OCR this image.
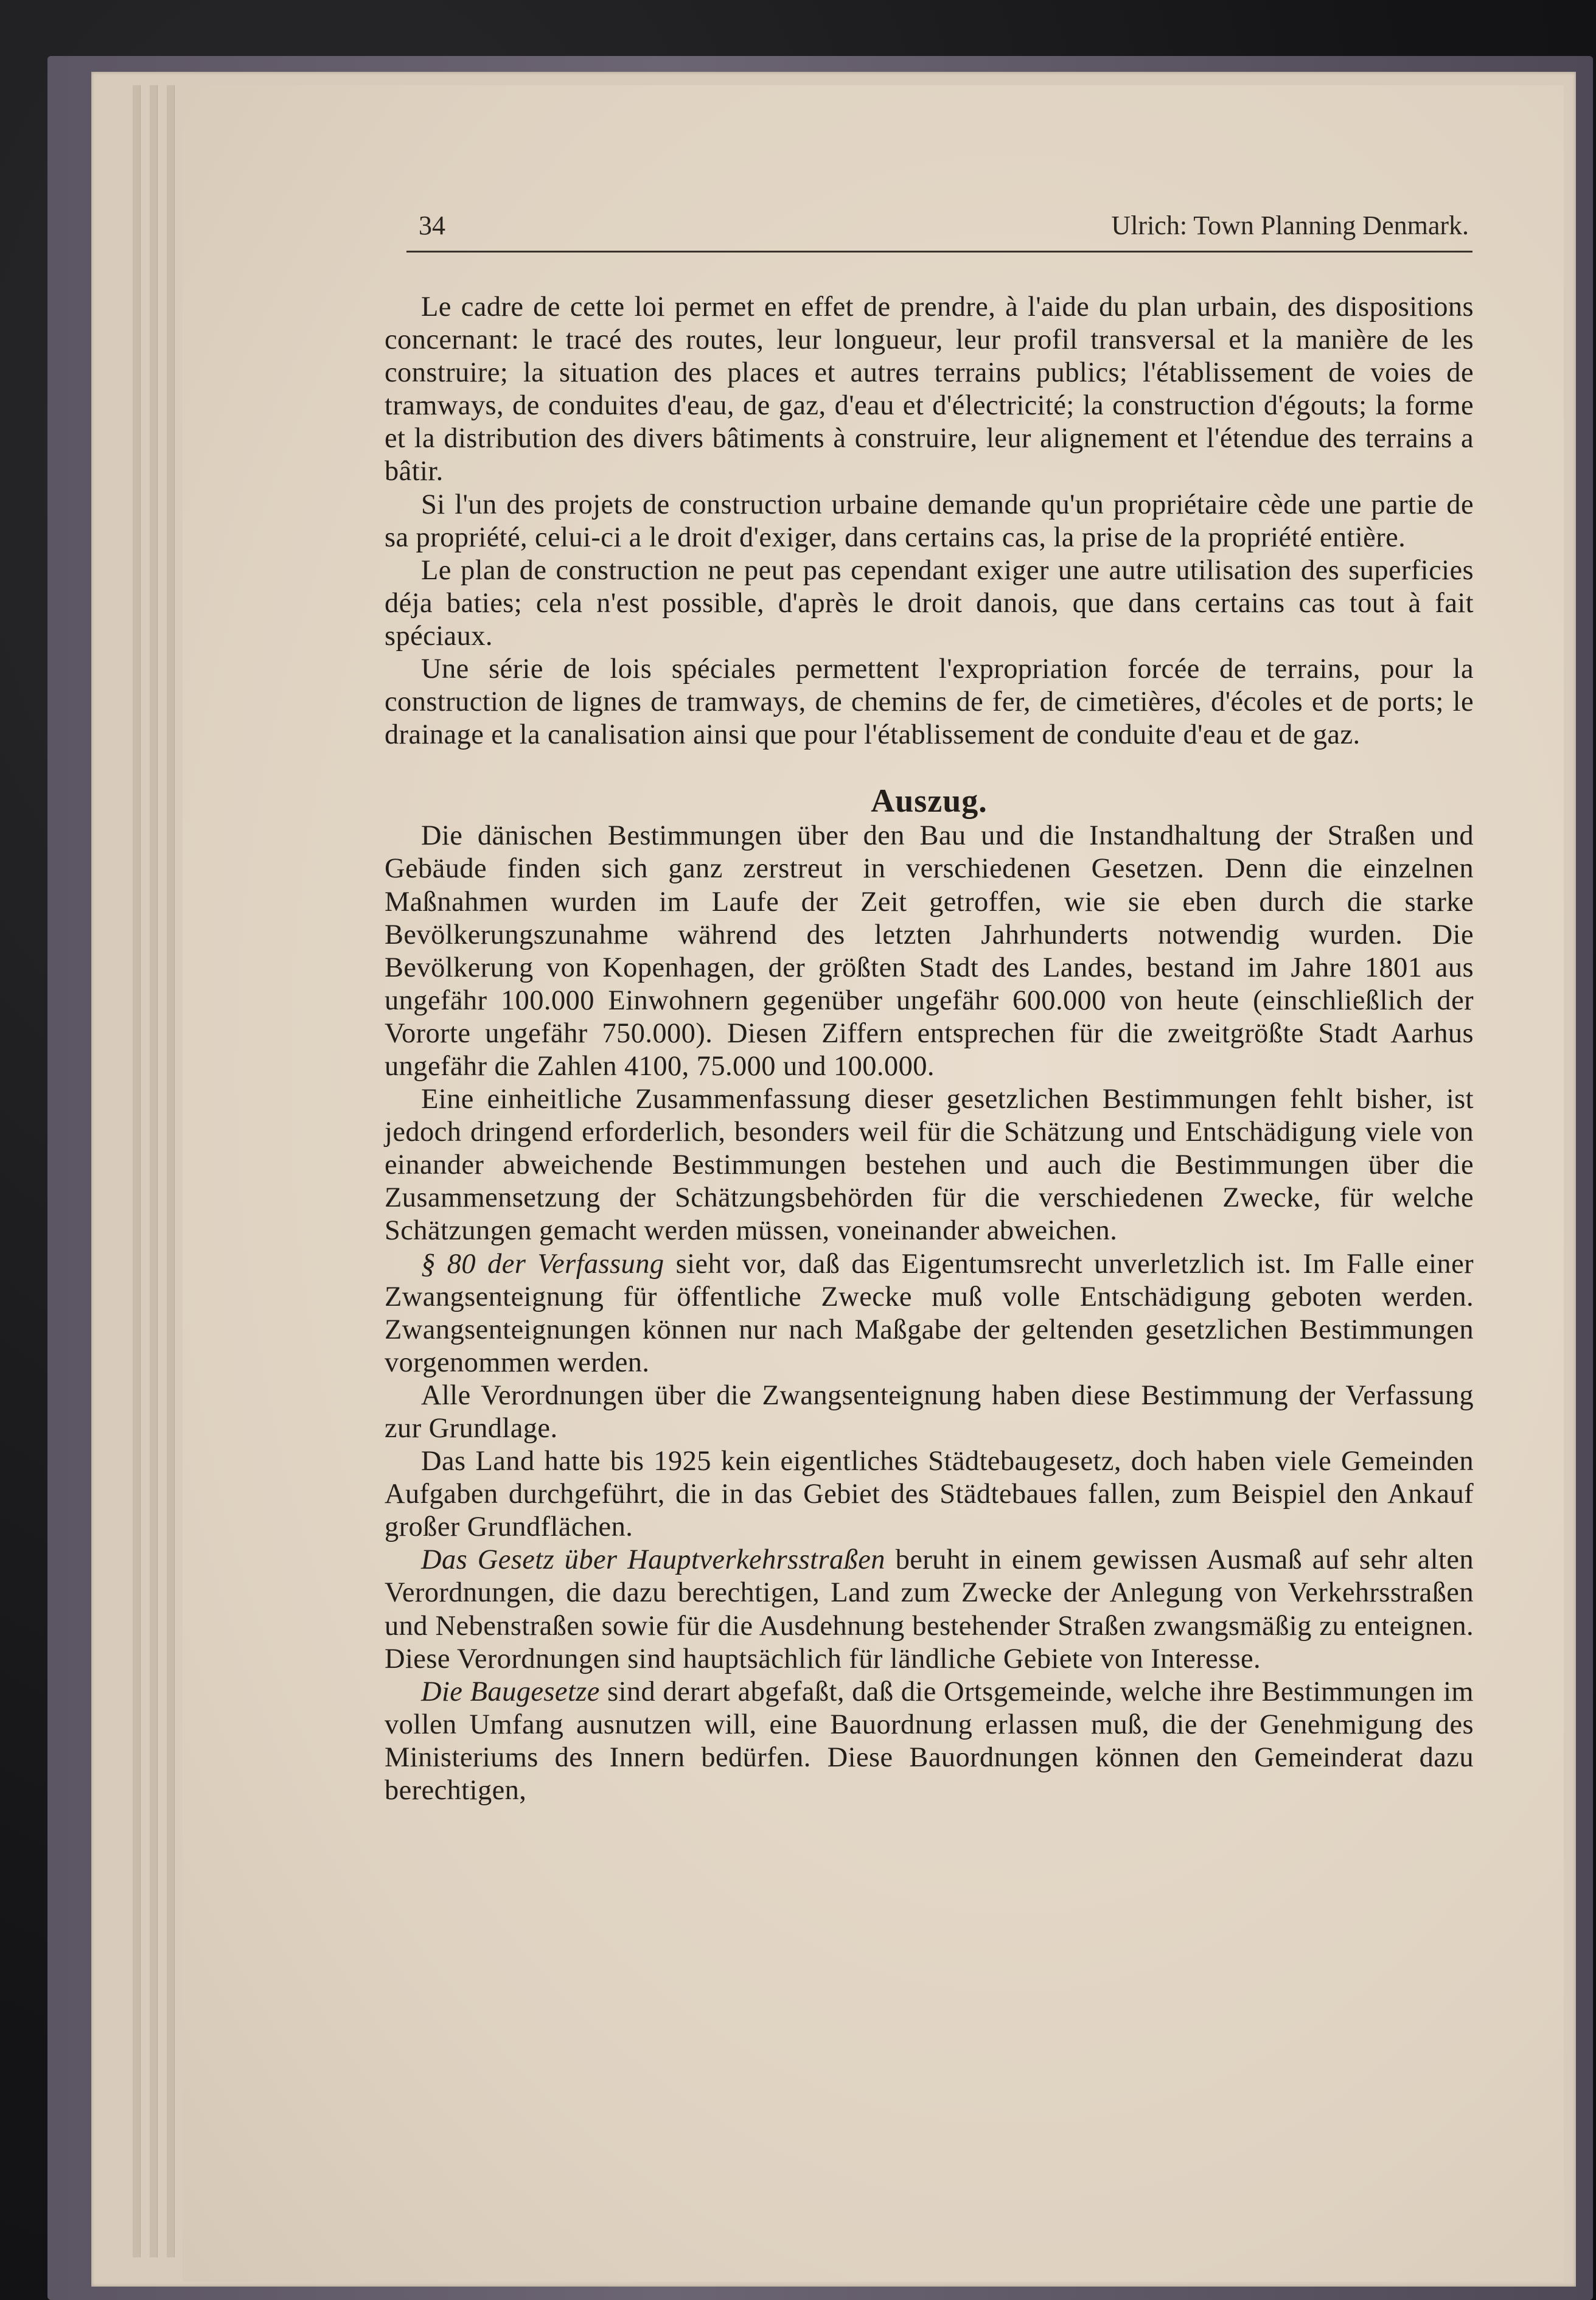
34	Ulrich: Town Planning Denmark.

Le cadre de cette loi permet en effet de prendre, à l'aide du plan urbain, des dispositions concernant: le tracé des routes, leur longueur, leur profil transversal et la manière de les construire; la situation des places et autres terrains publics; l'établissement de voies de tramways, de conduites d'eau, de gaz, d'eau et d'électricité; la construction d'égouts; la forme et la distribution des divers bâtiments à construire, leur alignement et l'étendue des terrains a bâtir.

Si l'un des projets de construction urbaine demande qu'un propriétaire cède une partie de sa propriété, celui-ci a le droit d'exiger, dans certains cas, la prise de la propriété entière.

Le plan de construction ne peut pas cependant exiger une autre utilisation des superficies déja baties; cela n'est possible, d'après le droit danois, que dans certains cas tout à fait spéciaux.

Une série de lois spéciales permettent l'expropriation forcée de terrains, pour la construction de lignes de tramways, de chemins de fer, de cimetières, d'écoles et de ports; le drainage et la canalisation ainsi que pour l'établissement de conduite d'eau et de gaz.

Auszug.

Die dänischen Bestimmungen über den Bau und die Instandhaltung der Straßen und Gebäude finden sich ganz zerstreut in verschiedenen Gesetzen. Denn die einzelnen Maßnahmen wurden im Laufe der Zeit getroffen, wie sie eben durch die starke Bevölkerungszunahme während des letzten Jahrhunderts notwendig wurden. Die Bevölkerung von Kopenhagen, der größten Stadt des Landes, bestand im Jahre 1801 aus ungefähr 100.000 Einwohnern gegenüber ungefähr 600.000 von heute (einschließlich der Vororte ungefähr 750.000). Diesen Ziffern entsprechen für die zweitgrößte Stadt Aarhus ungefähr die Zahlen 4100, 75.000 und 100.000.

Eine einheitliche Zusammenfassung dieser gesetzlichen Bestimmungen fehlt bisher, ist jedoch dringend erforderlich, besonders weil für die Schätzung und Entschädigung viele von einander abweichende Bestimmungen bestehen und auch die Bestimmungen über die Zusammensetzung der Schätzungsbehörden für die verschiedenen Zwecke, für welche Schätzungen gemacht werden müssen, voneinander abweichen.

§ 80 der Verfassung sieht vor, daß das Eigentumsrecht unverletzlich ist. Im Falle einer Zwangsenteignung für öffentliche Zwecke muß volle Entschädigung geboten werden. Zwangsenteignungen können nur nach Maßgabe der geltenden gesetzlichen Bestimmungen vorgenommen werden.

Alle Verordnungen über die Zwangsenteignung haben diese Bestimmung der Verfassung zur Grundlage.

Das Land hatte bis 1925 kein eigentliches Städtebaugesetz, doch haben viele Gemeinden Aufgaben durchgeführt, die in das Gebiet des Städtebaues fallen, zum Beispiel den Ankauf großer Grundflächen.

Das Gesetz über Hauptverkehrsstraßen beruht in einem gewissen Ausmaß auf sehr alten Verordnungen, die dazu berechtigen, Land zum Zwecke der Anlegung von Verkehrsstraßen und Nebenstraßen sowie für die Ausdehnung bestehender Straßen zwangsmäßig zu enteignen. Diese Verordnungen sind hauptsächlich für ländliche Gebiete von Interesse.

Die Baugesetze sind derart abgefaßt, daß die Ortsgemeinde, welche ihre Bestimmungen im vollen Umfang ausnutzen will, eine Bauordnung erlassen muß, die der Genehmigung des Ministeriums des Innern bedürfen. Diese Bauordnungen können den Gemeinderat dazu berechtigen,
